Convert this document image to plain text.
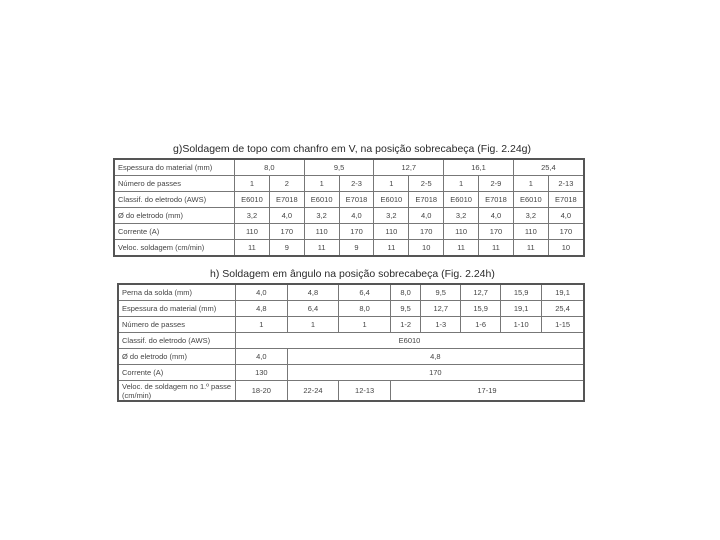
g)Soldagem de topo com chanfro em V, na posição sobrecabeça (Fig. 2.24g)
Espessura do material (mm)	8,0		9,5		12,7		16,1		25,4	
Número de passes	1	2	1	2-3	1	2-5	1	2-9	1	2-13
Classif. do eletrodo (AWS)	E6010	E7018	E6010	E7018	E6010	E7018	E6010	E7018	E6010	E7018
Ø do eletrodo (mm)	3,2	4,0	3,2	4,0	3,2	4,0	3,2	4,0	3,2	4,0
Corrente (A)	110	170	110	170	110	170	110	170	110	170
Veloc. soldagem (cm/min)	11	9	11	9	11	10	11	11	11	10
h) Soldagem em ângulo na posição sobrecabeça (Fig. 2.24h)
Perna da solda (mm)	4,0	4,8	6,4	8,0	9,5	12,7	15,9	19,1
Espessura do material (mm)	4,8	6,4	8,0	9,5	12,7	15,9	19,1	25,4
Número de passes	1	1	1	1-2	1-3	1-6	1-10	1-15
Classif. do eletrodo (AWS)	E6010							
Ø do eletrodo (mm)	4,0	4,8						
Corrente (A)	130	170						
Veloc. de soldagem no 1.º passe (cm/min)	18-20	22-24	12-13	17-19				
